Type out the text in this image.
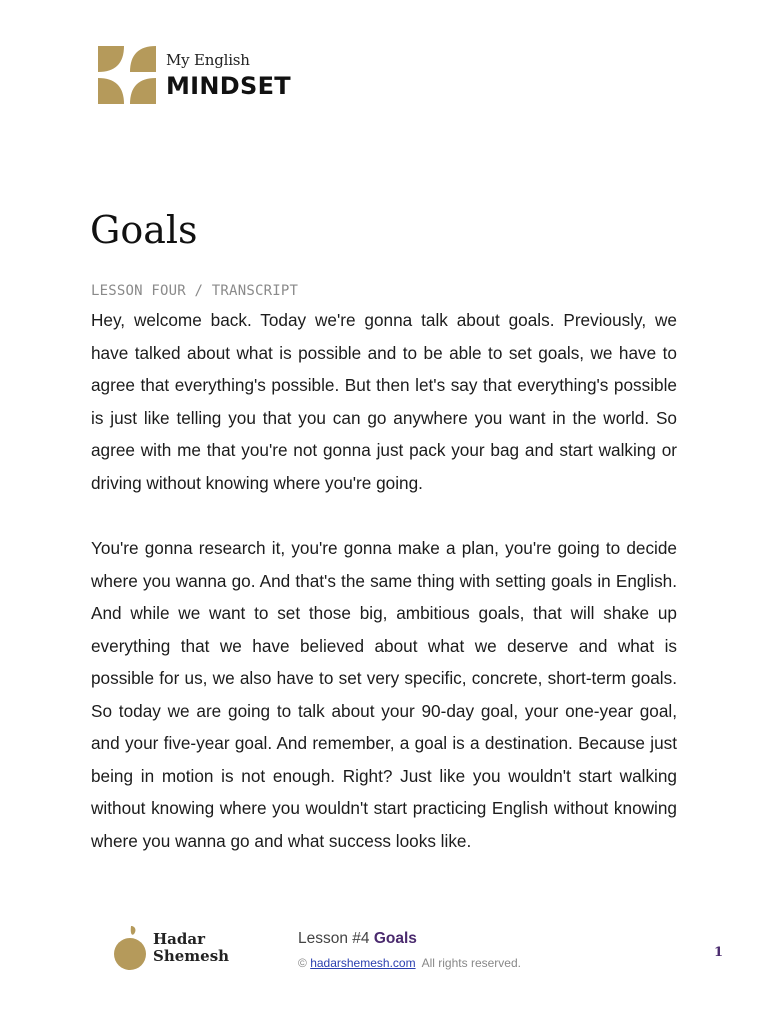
My English
MINDSET
Goals
LESSON FOUR / TRANSCRIPT

Hey, welcome back. Today we're gonna talk about goals. Previously, we have talked about what is possible and to be able to set goals, we have to agree that everything's possible. But then let's say that everything's possible is just like telling you that you can go anywhere you want in the world. So agree with me that you're not gonna just pack your bag and start walking or driving without knowing where you're going.

You're gonna research it, you're gonna make a plan, you're going to decide where you wanna go. And that's the same thing with setting goals in English. And while we want to set those big, ambitious goals, that will shake up everything that we have believed about what we deserve and what is possible for us, we also have to set very specific, concrete, short-term goals. So today we are going to talk about your 90-day goal, your one-year goal, and your five-year goal. And remember, a goal is a destination. Because just being in motion is not enough. Right? Just like you wouldn't start walking without knowing where you wouldn't start practicing English without knowing where you wanna go and what success looks like.

Hadar
Shemesh
Lesson #4 Goals
© hadarshemesh.com All rights reserved.
1
